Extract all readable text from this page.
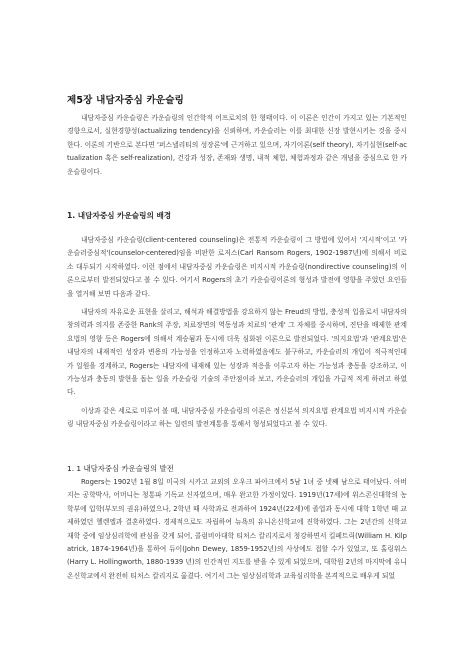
제5장 내담자중심 카운슬링

내담자중심 카운슬링은 카운슬링의 인간학적 어프로치의 한 형태이다. 이 이론은 인간이 가지고 있는 기본적인 경향으로서, 실현경향성(actualizing tendency)을 신뢰하며, 카운슬러는 이를 최대한 신장 발현시키는 것을 중시한다. 이론의 기반으로 본다면 '퍼스낼리티의 성장론'에 근거하고 있으며, 자기이론(self theory), 자기실현(self-actualization 혹은 self-realization), 건강과 성장, 존재와 생명, 내적 체험, 체험과정과 같은 개념을 중심으로 한 카운슬링이다.

1. 내담자중심 카운슬링의 배경

내담자중심 카운슬링(client-centered counseling)은 전통적 카운슬링이 그 방법에 있어서 '지시적'이고 '카운슬러중심적'(counselor-centered)임을 비판한 로저스(Carl Ransom Rogers, 1902-1987년)에 의해서 비로소 대두되기 시작하였다. 이런 점에서 내담자중심 카운슬링은 비지시적 카운슬링(nondirective counseling)의 이론으로부터 발전되었다고 볼 수 있다. 여기서 Rogers의 초기 카운슬링이론의 형성과 발전에 영향을 주었던 요인들을 열거해 보면 다음과 같다.

내담자의 자유로운 표현을 살리고, 해석과 해결방법을 강요하지 않는 Freud의 방법, 충성적 입을로서 내담자의 창의력과 의지를 존중한 Rank의 주장, 치료장면의 역동성과 치료의 '관계' 그 자체를 중시하며, 진단을 배제한 관계요법의 영향 등은 Rogers에 의해서 계승됨과 동시에 더욱 심화된 이론으로 발전되었다. '의지요법'과 '관계요법'은 내담자의 내재적인 성장과 변용의 가능성을 인정하고자 노력하였음에도 불구하고, 카운슬러의 개입이 적극적인데 가 일원을 경계하고, Rogers는 내담자에 내재해 있는 성장과 적응을 이루고자 하는 가능성과 충동을 강조하고, 이 가능성과 충동의 발현을 돕는 일을 카운슬링 기술의 주안점이라 보고, 카운슬러의 개입을 가급적 적게 하려고 하였다.

이상과 같은 세로로 미루어 볼 때, 내담자중심 카운슬링의 이론은 정신분석 의지요법 관계요법 비지시적 카운슬링 내담자중심 카운슬링이라고 하는 일련의 발전계통을 통해서 형성되었다고 볼 수 있다.

1. 1 내담자중심 카운슬링의 발전

Rogers는 1902년 1월 8일 미국의 시카고 교외의 오우크 파아크에서 5남 1녀 중 넷째 남으로 태어났다. 아버지는 공학박사, 어머니는 청통파 기독교 신자였으며, 매우 완고한 가정이었다. 1919년(17세)에 위스콘신대학의 농학부에 입학(부모의 권유)하였으나, 2학년 때 사학과로 전과하여 1924년(22세)에 졸업과 동시에 대학 1학년 때 교제하였던 헬렌엘과 결혼하였다. 경제적으로도 자립하여 뉴욕의 유니온신학교에 진학하였다. 그는 2년간의 신학교 재학 중에 임상심리학에 관심을 갖게 되어, 콜럼비아대학 티처스 칼리지로서 청강하면서 킬페트릭(William H. Kilpatrick, 1874-1964년)을 통하여 듀이(John Dewey, 1859-1952년)의 사상에도 접할 수가 있었고, 또 홀링워스(Harry L. Hollingworth, 1880-1939 년)의 인간적인 지도를 받을 수 있게 되었으며, 대학원 2년의 마지막에 유니온신학교에서 완전히 티처스 칼리지로 옮겼다. 여기서 그는 임상심리학과 교육심리학을 본격적으로 배우게 되었
